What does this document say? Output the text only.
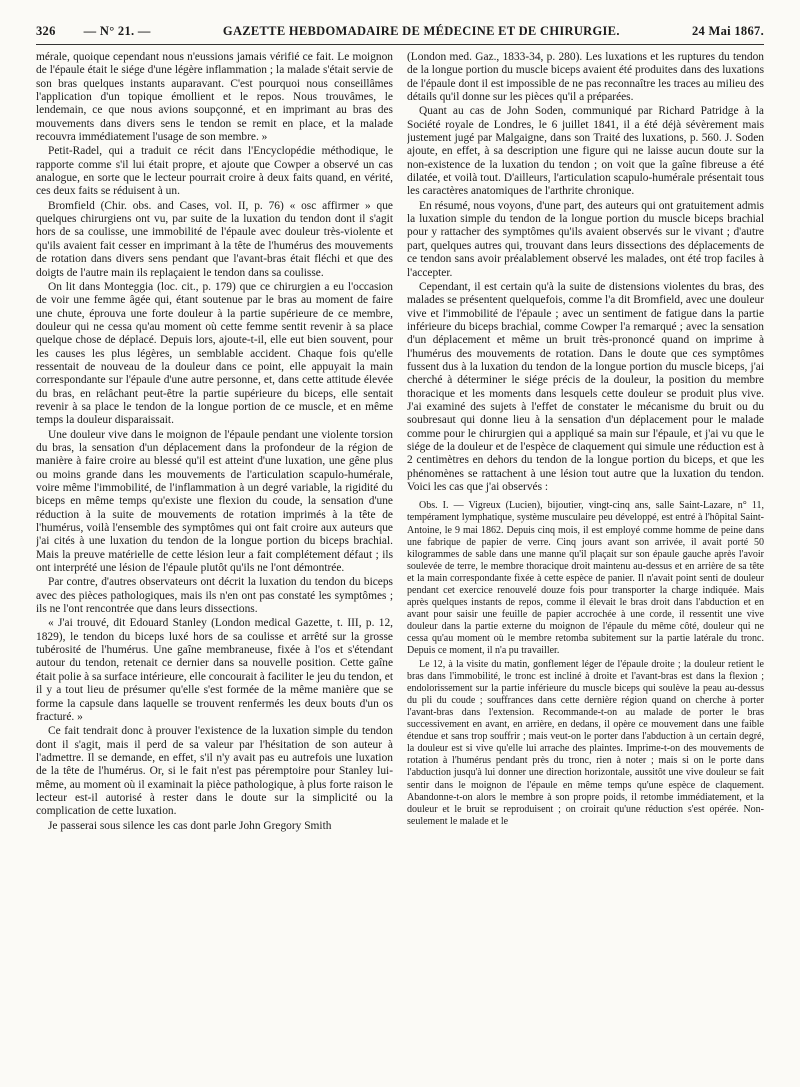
326 — N° 21. —	GAZETTE HEBDOMADAIRE DE MÉDECINE ET DE CHIRURGIE.	24 Mai 1867.

mérale, quoique cependant nous n'eussions jamais vérifié ce fait. Le moignon de l'épaule était le siége d'une légère inflammation ; la malade s'était servie de son bras quelques instants auparavant. C'est pourquoi nous conseillâmes l'application d'un topique émollient et le repos. Nous trouvâmes, le lendemain, ce que nous avions soupçonné, et en imprimant au bras des mouvements dans divers sens le tendon se remit en place, et la malade recouvra immédiatement l'usage de son membre. »

Petit-Radel, qui a traduit ce récit dans l'Encyclopédie méthodique, le rapporte comme s'il lui était propre, et ajoute que Cowper a observé un cas analogue, en sorte que le lecteur pourrait croire à deux faits quand, en vérité, ces deux faits se réduisent à un.

Bromfield (Chir. obs. and Cases, vol. II, p. 76) « osc affirmer » que quelques chirurgiens ont vu, par suite de la luxation du tendon dont il s'agit hors de sa coulisse, une immobilité de l'épaule avec douleur très-violente et qu'ils avaient fait cesser en imprimant à la tête de l'humérus des mouvements de rotation dans divers sens pendant que l'avant-bras était fléchi et que des doigts de l'autre main ils replaçaient le tendon dans sa coulisse.

On lit dans Monteggia (loc. cit., p. 179) que ce chirurgien a eu l'occasion de voir une femme âgée qui, étant soutenue par le bras au moment de faire une chute, éprouva une forte douleur à la partie supérieure de ce membre, douleur qui ne cessa qu'au moment où cette femme sentit revenir à sa place quelque chose de déplacé. Depuis lors, ajoute-t-il, elle eut bien souvent, pour les causes les plus légères, un semblable accident. Chaque fois qu'elle ressentait de nouveau de la douleur dans ce point, elle appuyait la main correspondante sur l'épaule d'une autre personne, et, dans cette attitude élevée du bras, en relâchant peut-être la partie supérieure du biceps, elle sentait revenir à sa place le tendon de la longue portion de ce muscle, et en même temps la douleur disparaissait.

Une douleur vive dans le moignon de l'épaule pendant une violente torsion du bras, la sensation d'un déplacement dans la profondeur de la région de manière à faire croire au blessé qu'il est atteint d'une luxation, une gêne plus ou moins grande dans les mouvements de l'articulation scapulo-humérale, voire même l'immobilité, de l'inflammation à un degré variable, la rigidité du biceps en même temps qu'existe une flexion du coude, la sensation d'une réduction à la suite de mouvements de rotation imprimés à la tête de l'humérus, voilà l'ensemble des symptômes qui ont fait croire aux auteurs que j'ai cités à une luxation du tendon de la longue portion du biceps brachial. Mais la preuve matérielle de cette lésion leur a fait complétement défaut ; ils ont interprété une lésion de l'épaule plutôt qu'ils ne l'ont démontrée.

Par contre, d'autres observateurs ont décrit la luxation du tendon du biceps avec des pièces pathologiques, mais ils n'en ont pas constaté les symptômes ; ils ne l'ont rencontrée que dans leurs dissections.

« J'ai trouvé, dit Edouard Stanley (London medical Gazette, t. III, p. 12, 1829), le tendon du biceps luxé hors de sa coulisse et arrêté sur la grosse tubérosité de l'humérus. Une gaîne membraneuse, fixée à l'os et s'étendant autour du tendon, retenait ce dernier dans sa nouvelle position. Cette gaîne était polie à sa surface intérieure, elle concourait à faciliter le jeu du tendon, et il y a tout lieu de présumer qu'elle s'est formée de la même manière que se forme la capsule dans laquelle se trouvent renfermés les deux bouts d'un os fracturé. »

Ce fait tendrait donc à prouver l'existence de la luxation simple du tendon dont il s'agit, mais il perd de sa valeur par l'hésitation de son auteur à l'admettre. Il se demande, en effet, s'il n'y avait pas eu autrefois une luxation de la tête de l'humérus. Or, si le fait n'est pas péremptoire pour Stanley lui-même, au moment où il examinait la pièce pathologique, à plus forte raison le lecteur est-il autorisé à rester dans le doute sur la simplicité ou la complication de cette luxation.

Je passerai sous silence les cas dont parle John Gregory Smith

(London med. Gaz., 1833-34, p. 280). Les luxations et les ruptures du tendon de la longue portion du muscle biceps avaient été produites dans des luxations de l'épaule dont il est impossible de ne pas reconnaître les traces au milieu des détails qu'il donne sur les pièces qu'il a préparées.

Quant au cas de John Soden, communiqué par Richard Patridge à la Société royale de Londres, le 6 juillet 1841, il a été déjà sévèrement mais justement jugé par Malgaigne, dans son Traité des luxations, p. 560. J. Soden ajoute, en effet, à sa description une figure qui ne laisse aucun doute sur la non-existence de la luxation du tendon ; on voit que la gaîne fibreuse a été dilatée, et voilà tout. D'ailleurs, l'articulation scapulo-humérale présentait tous les caractères anatomiques de l'arthrite chronique.

En résumé, nous voyons, d'une part, des auteurs qui ont gratuitement admis la luxation simple du tendon de la longue portion du muscle biceps brachial pour y rattacher des symptômes qu'ils avaient observés sur le vivant ; d'autre part, quelques autres qui, trouvant dans leurs dissections des déplacements de ce tendon sans avoir préalablement observé les malades, ont été trop faciles à l'accepter.

Cependant, il est certain qu'à la suite de distensions violentes du bras, des malades se présentent quelquefois, comme l'a dit Bromfield, avec une douleur vive et l'immobilité de l'épaule ; avec un sentiment de fatigue dans la partie inférieure du biceps brachial, comme Cowper l'a remarqué ; avec la sensation d'un déplacement et même un bruit très-prononcé quand on imprime à l'humérus des mouvements de rotation. Dans le doute que ces symptômes fussent dus à la luxation du tendon de la longue portion du muscle biceps, j'ai cherché à déterminer le siége précis de la douleur, la position du membre thoracique et les moments dans lesquels cette douleur se produit plus vive. J'ai examiné des sujets à l'effet de constater le mécanisme du bruit ou du soubresaut qui donne lieu à la sensation d'un déplacement pour le malade comme pour le chirurgien qui a appliqué sa main sur l'épaule, et j'ai vu que le siége de la douleur et de l'espèce de claquement qui simule une réduction est à 2 centimètres en dehors du tendon de la longue portion du biceps, et que les phénomènes se rattachent à une lésion tout autre que la luxation du tendon. Voici les cas que j'ai observés :

Obs. I. — Vigreux (Lucien), bijoutier, vingt-cinq ans, salle Saint-Lazare, n° 11, tempérament lymphatique, système musculaire peu développé, est entré à l'hôpital Saint-Antoine, le 9 mai 1862. Depuis cinq mois, il est employé comme homme de peine dans une fabrique de papier de verre. Cinq jours avant son arrivée, il avait porté 50 kilogrammes de sable dans une manne qu'il plaçait sur son épaule gauche après l'avoir soulevée de terre, le membre thoracique droit maintenu au-dessus et en arrière de sa tête et la main correspondante fixée à cette espèce de panier. Il n'avait point senti de douleur pendant cet exercice renouvelé douze fois pour transporter la charge indiquée. Mais après quelques instants de repos, comme il élevait le bras droit dans l'abduction et en avant pour saisir une feuille de papier accrochée à une corde, il ressentit une vive douleur dans la partie externe du moignon de l'épaule du même côté, douleur qui ne cessa qu'au moment où le membre retomba subitement sur la partie latérale du tronc. Depuis ce moment, il n'a pu travailler.

Le 12, à la visite du matin, gonflement léger de l'épaule droite ; la douleur retient le bras dans l'immobilité, le tronc est incliné à droite et l'avant-bras est dans la flexion ; endolorissement sur la partie inférieure du muscle biceps qui soulève la peau au-dessus du pli du coude ; souffrances dans cette dernière région quand on cherche à porter l'avant-bras dans l'extension. Recommande-t-on au malade de porter le bras successivement en avant, en arrière, en dedans, il opère ce mouvement dans une faible étendue et sans trop souffrir ; mais veut-on le porter dans l'abduction à un certain degré, la douleur est si vive qu'elle lui arrache des plaintes. Imprime-t-on des mouvements de rotation à l'humérus pendant près du tronc, rien à noter ; mais si on le porte dans l'abduction jusqu'à lui donner une direction horizontale, aussitôt une vive douleur se fait sentir dans le moignon de l'épaule en même temps qu'une espèce de claquement. Abandonne-t-on alors le membre à son propre poids, il retombe immédiatement, et la douleur et le bruit se reproduisent ; on croirait qu'une réduction s'est opérée. Non-seulement le malade et le
